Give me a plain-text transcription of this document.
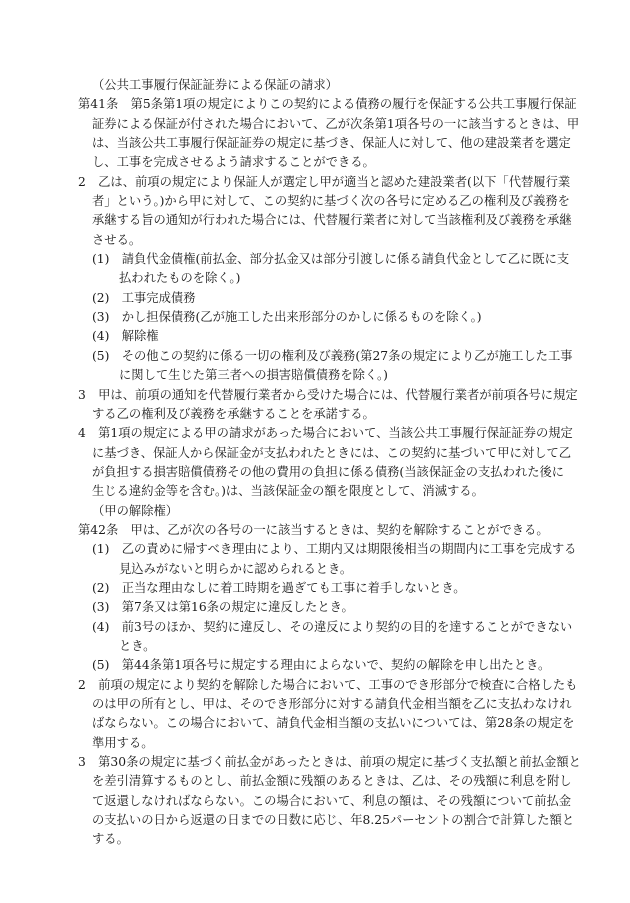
（公共工事履行保証証券による保証の請求）
第41条　第5条第1項の規定によりこの契約による債務の履行を保証する公共工事履行保証
証券による保証が付された場合において、乙が次条第1項各号の一に該当するときは、甲
は、当該公共工事履行保証証券の規定に基づき、保証人に対して、他の建設業者を選定
し、工事を完成させるよう請求することができる。
2　乙は、前項の規定により保証人が選定し甲が適当と認めた建設業者(以下「代替履行業
者」という。)から甲に対して、この契約に基づく次の各号に定める乙の権利及び義務を
承継する旨の通知が行われた場合には、代替履行業者に対して当該権利及び義務を承継
させる。
(1)　請負代金債権(前払金、部分払金又は部分引渡しに係る請負代金として乙に既に支
払われたものを除く。)
(2)　工事完成債務
(3)　かし担保債務(乙が施工した出来形部分のかしに係るものを除く。)
(4)　解除権
(5)　その他この契約に係る一切の権利及び義務(第27条の規定により乙が施工した工事
に関して生じた第三者への損害賠償債務を除く。)
3　甲は、前項の通知を代替履行業者から受けた場合には、代替履行業者が前項各号に規定
する乙の権利及び義務を承継することを承諾する。
4　第1項の規定による甲の請求があった場合において、当該公共工事履行保証証券の規定
に基づき、保証人から保証金が支払われたときには、この契約に基づいて甲に対して乙
が負担する損害賠償債務その他の費用の負担に係る債務(当該保証金の支払われた後に
生じる違約金等を含む。)は、当該保証金の額を限度として、消滅する。
（甲の解除権）
第42条　甲は、乙が次の各号の一に該当するときは、契約を解除することができる。
(1)　乙の責めに帰すべき理由により、工期内又は期限後相当の期間内に工事を完成する
見込みがないと明らかに認められるとき。
(2)　正当な理由なしに着工時期を過ぎても工事に着手しないとき。
(3)　第7条又は第16条の規定に違反したとき。
(4)　前3号のほか、契約に違反し、その違反により契約の目的を達することができない
とき。
(5)　第44条第1項各号に規定する理由によらないで、契約の解除を申し出たとき。
2　前項の規定により契約を解除した場合において、工事のでき形部分で検査に合格したも
のは甲の所有とし、甲は、そのでき形部分に対する請負代金相当額を乙に支払わなけれ
ばならない。この場合において、請負代金相当額の支払いについては、第28条の規定を
準用する。
3　第30条の規定に基づく前払金があったときは、前項の規定に基づく支払額と前払金額と
を差引清算するものとし、前払金額に残額のあるときは、乙は、その残額に利息を附し
て返還しなければならない。この場合において、利息の額は、その残額について前払金
の支払いの日から返還の日までの日数に応じ、年8.25パーセントの割合で計算した額と
する。
